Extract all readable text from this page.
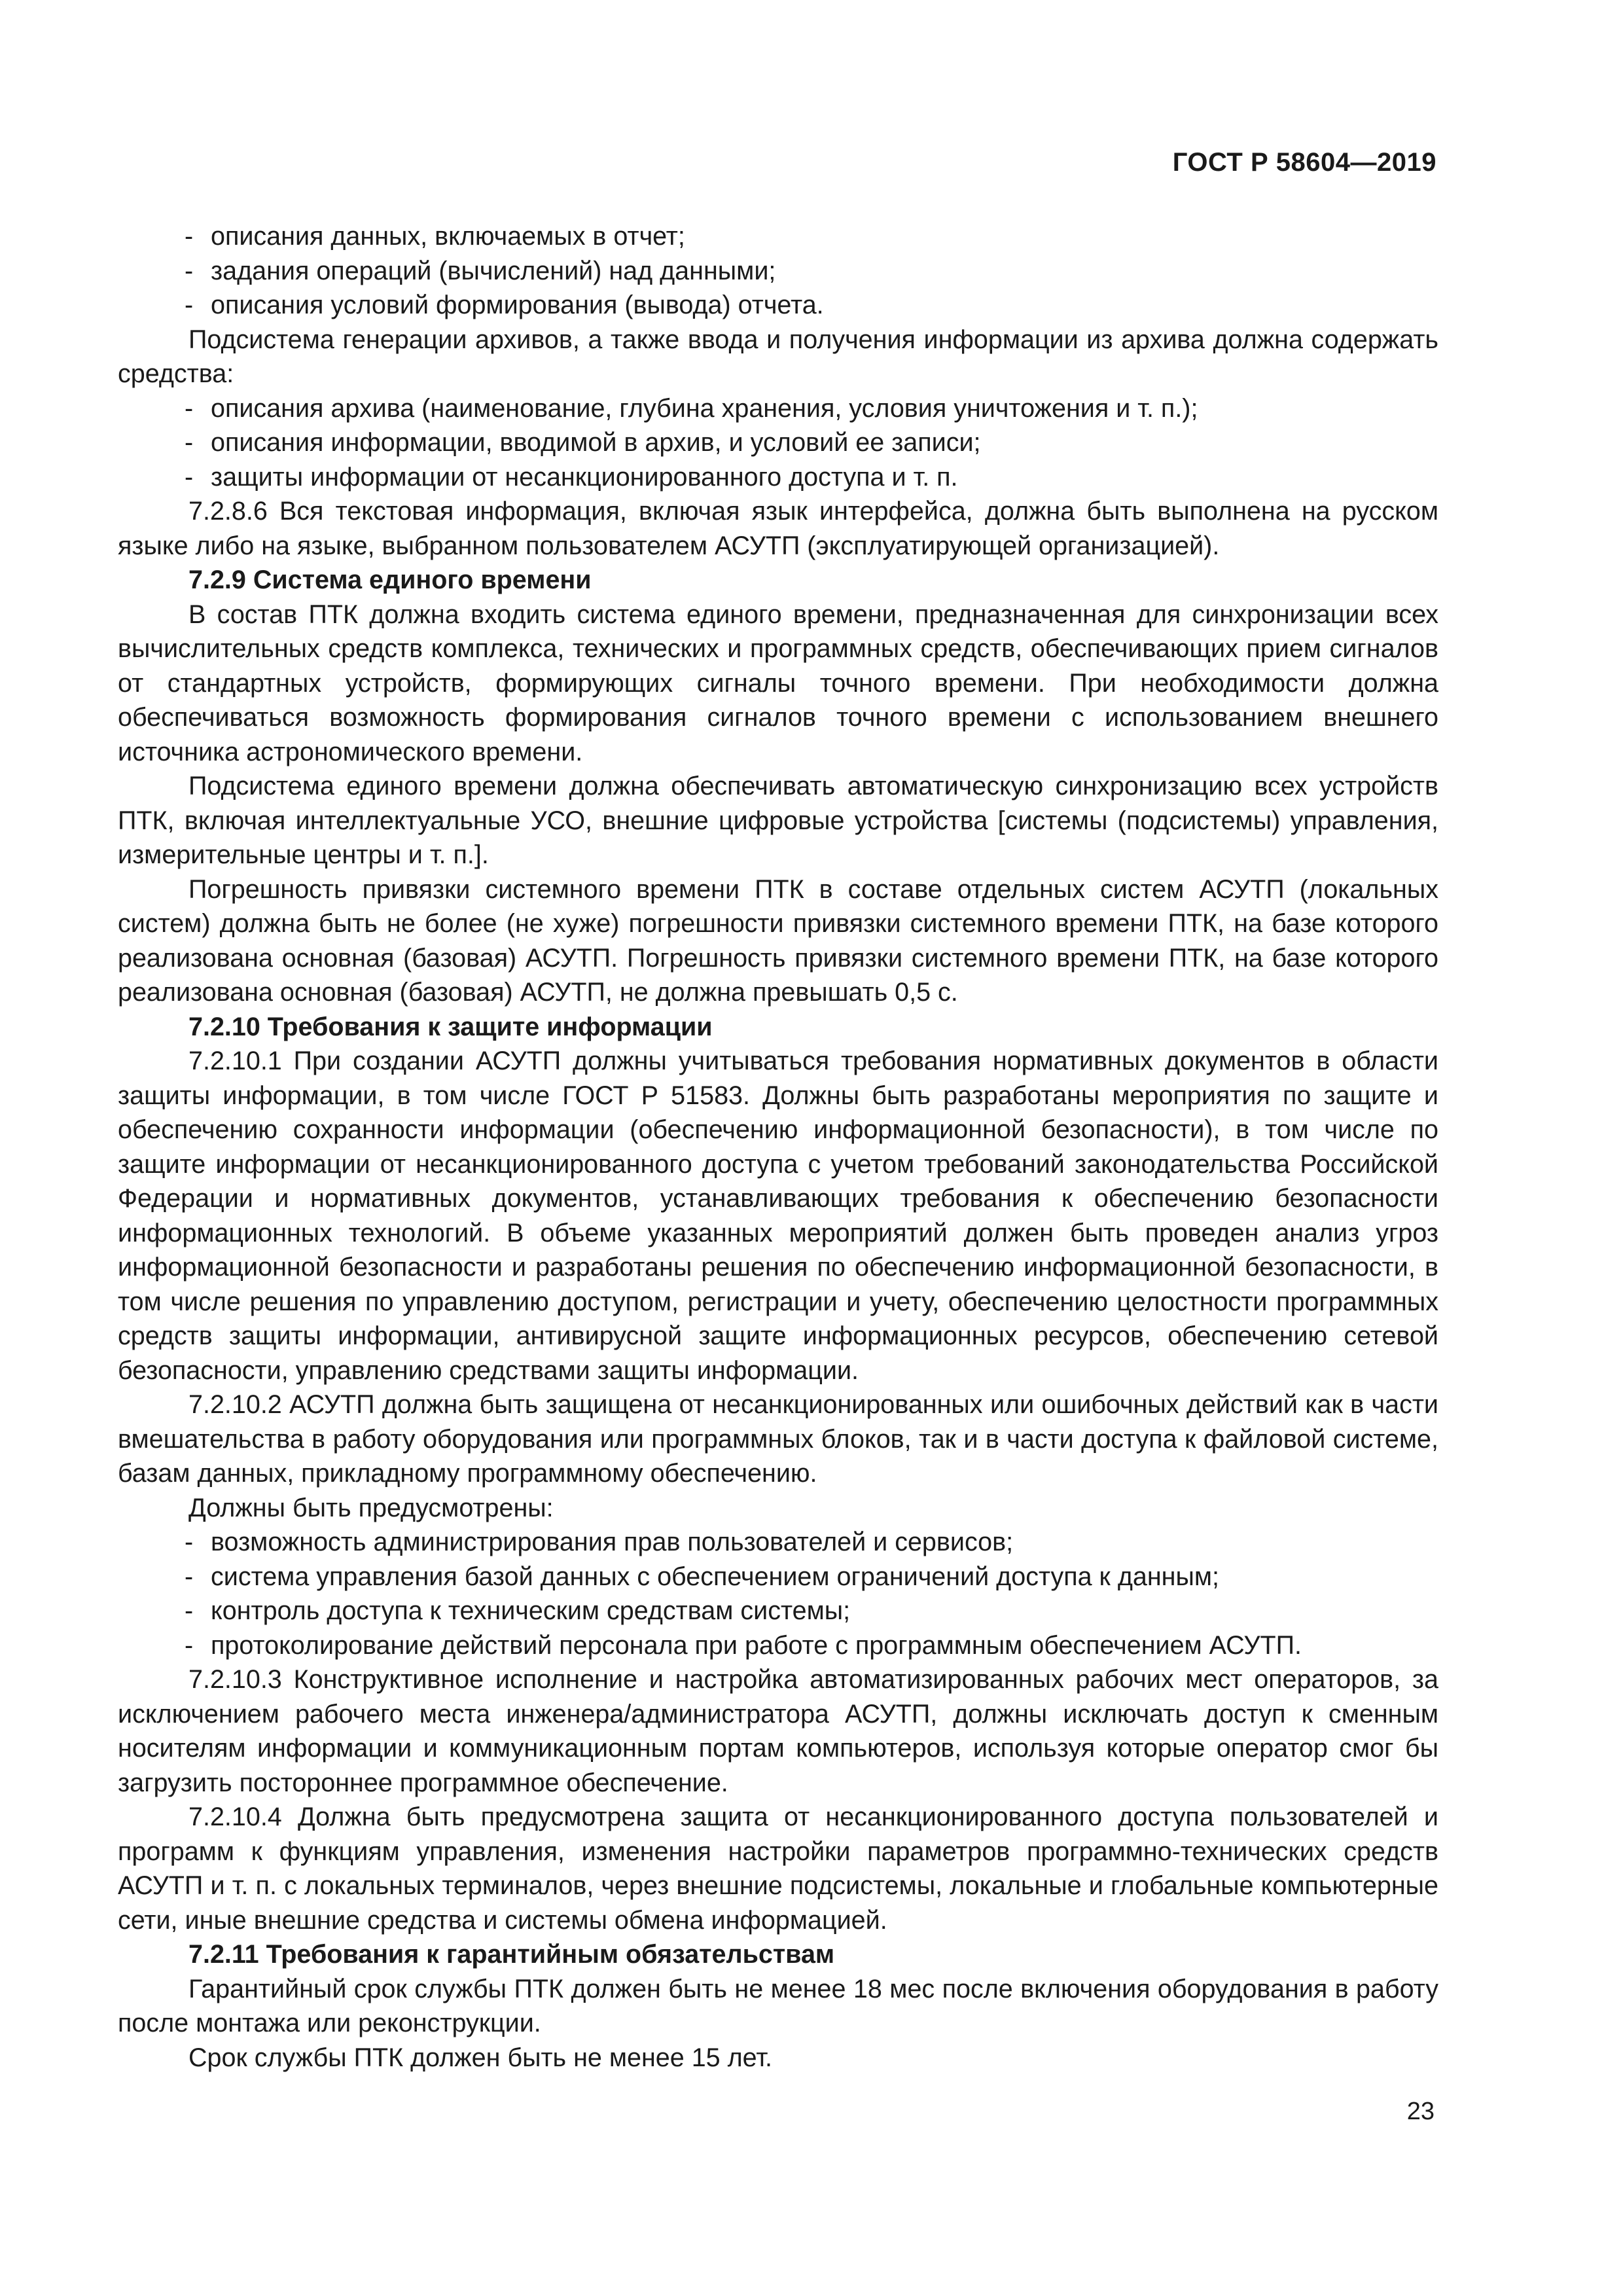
ГОСТ Р 58604—2019

- описания данных, включаемых в отчет;

- задания операций (вычислений) над данными;

- описания условий формирования (вывода) отчета.

Подсистема генерации архивов, а также ввода и получения информации из архива должна содержать средства:

- описания архива (наименование, глубина хранения, условия уничтожения и т. п.);

- описания информации, вводимой в архив, и условий ее записи;

- защиты информации от несанкционированного доступа и т. п.

7.2.8.6 Вся текстовая информация, включая язык интерфейса, должна быть выполнена на русском языке либо на языке, выбранном пользователем АСУТП (эксплуатирующей организацией).

7.2.9 Система единого времени

В состав ПТК должна входить система единого времени, предназначенная для синхронизации всех вычислительных средств комплекса, технических и программных средств, обеспечивающих прием сигналов от стандартных устройств, формирующих сигналы точного времени. При необходимости должна обеспечиваться возможность формирования сигналов точного времени с использованием внешнего источника астрономического времени.

Подсистема единого времени должна обеспечивать автоматическую синхронизацию всех устройств ПТК, включая интеллектуальные УСО, внешние цифровые устройства [системы (подсистемы) управления, измерительные центры и т. п.].

Погрешность привязки системного времени ПТК в составе отдельных систем АСУТП (локальных систем) должна быть не более (не хуже) погрешности привязки системного времени ПТК, на базе которого реализована основная (базовая) АСУТП. Погрешность привязки системного времени ПТК, на базе которого реализована основная (базовая) АСУТП, не должна превышать 0,5 с.

7.2.10 Требования к защите информации

7.2.10.1 При создании АСУТП должны учитываться требования нормативных документов в области защиты информации, в том числе ГОСТ Р 51583. Должны быть разработаны мероприятия по защите и обеспечению сохранности информации (обеспечению информационной безопасности), в том числе по защите информации от несанкционированного доступа с учетом требований законодательства Российской Федерации и нормативных документов, устанавливающих требования к обеспечению безопасности информационных технологий. В объеме указанных мероприятий должен быть проведен анализ угроз информационной безопасности и разработаны решения по обеспечению информационной безопасности, в том числе решения по управлению доступом, регистрации и учету, обеспечению целостности программных средств защиты информации, антивирусной защите информационных ресурсов, обеспечению сетевой безопасности, управлению средствами защиты информации.

7.2.10.2 АСУТП должна быть защищена от несанкционированных или ошибочных действий как в части вмешательства в работу оборудования или программных блоков, так и в части доступа к файловой системе, базам данных, прикладному программному обеспечению.

Должны быть предусмотрены:

- возможность администрирования прав пользователей и сервисов;

- система управления базой данных с обеспечением ограничений доступа к данным;

- контроль доступа к техническим средствам системы;

- протоколирование действий персонала при работе с программным обеспечением АСУТП.

7.2.10.3 Конструктивное исполнение и настройка автоматизированных рабочих мест операторов, за исключением рабочего места инженера/администратора АСУТП, должны исключать доступ к сменным носителям информации и коммуникационным портам компьютеров, используя которые оператор смог бы загрузить постороннее программное обеспечение.

7.2.10.4 Должна быть предусмотрена защита от несанкционированного доступа пользователей и программ к функциям управления, изменения настройки параметров программно-технических средств АСУТП и т. п. с локальных терминалов, через внешние подсистемы, локальные и глобальные компьютерные сети, иные внешние средства и системы обмена информацией.

7.2.11 Требования к гарантийным обязательствам

Гарантийный срок службы ПТК должен быть не менее 18 мес после включения оборудования в работу после монтажа или реконструкции.

Срок службы ПТК должен быть не менее 15 лет.

23
